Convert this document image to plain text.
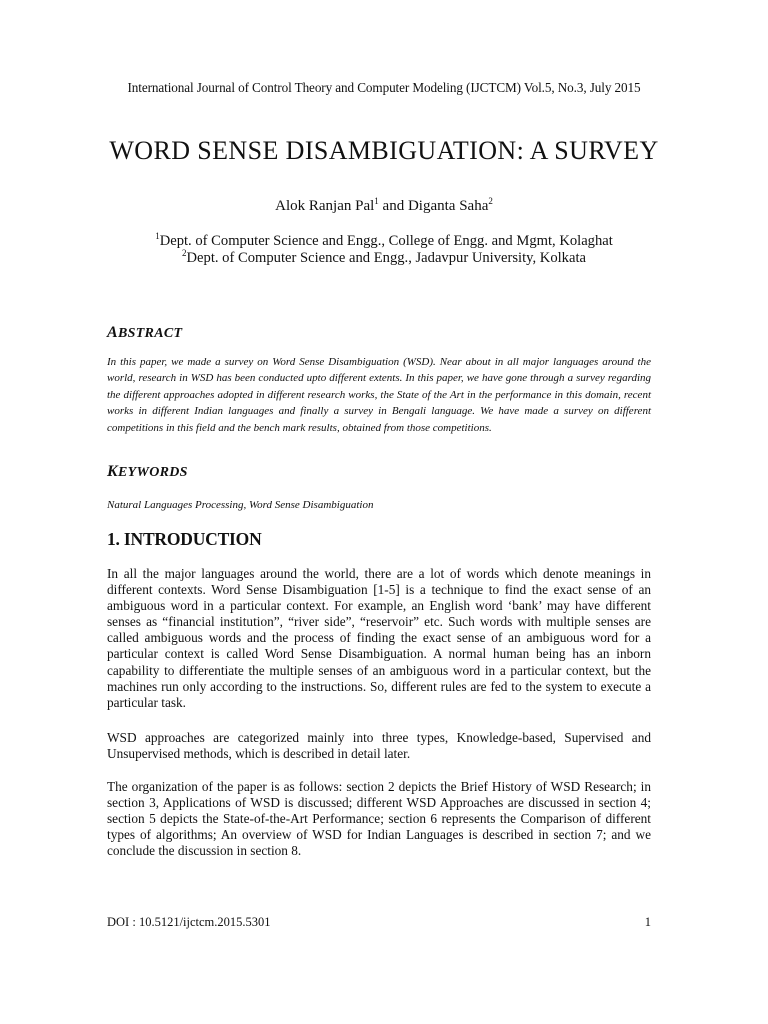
International Journal of Control Theory and Computer Modeling (IJCTCM) Vol.5, No.3, July 2015
WORD SENSE DISAMBIGUATION: A SURVEY
Alok Ranjan Pal$^1$ and Diganta Saha$^2$
$^1$Dept. of Computer Science and Engg., College of Engg. and Mgmt, Kolaghat
$^2$Dept. of Computer Science and Engg., Jadavpur University, Kolkata
ABSTRACT
In this paper, we made a survey on Word Sense Disambiguation (WSD). Near about in all major languages around the world, research in WSD has been conducted upto different extents. In this paper, we have gone through a survey regarding the different approaches adopted in different research works, the State of the Art in the performance in this domain, recent works in different Indian languages and finally a survey in Bengali language. We have made a survey on different competitions in this field and the bench mark results, obtained from those competitions.
KEYWORDS
Natural Languages Processing, Word Sense Disambiguation
1. INTRODUCTION
In all the major languages around the world, there are a lot of words which denote meanings in different contexts. Word Sense Disambiguation [1-5] is a technique to find the exact sense of an ambiguous word in a particular context. For example, an English word ‘bank’ may have different senses as “financial institution”, “river side”, “reservoir” etc. Such words with multiple senses are called ambiguous words and the process of finding the exact sense of an ambiguous word for a particular context is called Word Sense Disambiguation. A normal human being has an inborn capability to differentiate the multiple senses of an ambiguous word in a particular context, but the machines run only according to the instructions. So, different rules are fed to the system to execute a particular task.
WSD approaches are categorized mainly into three types, Knowledge-based, Supervised and Unsupervised methods, which is described in detail later.
The organization of the paper is as follows: section 2 depicts the Brief History of WSD Research; in section 3, Applications of WSD is discussed; different WSD Approaches are discussed in section 4; section 5 depicts the State-of-the-Art Performance; section 6 represents the Comparison of different types of algorithms; An overview of WSD for Indian Languages is described in section 7; and we conclude the discussion in section 8.
DOI : 10.5121/ijctcm.2015.5301	1
